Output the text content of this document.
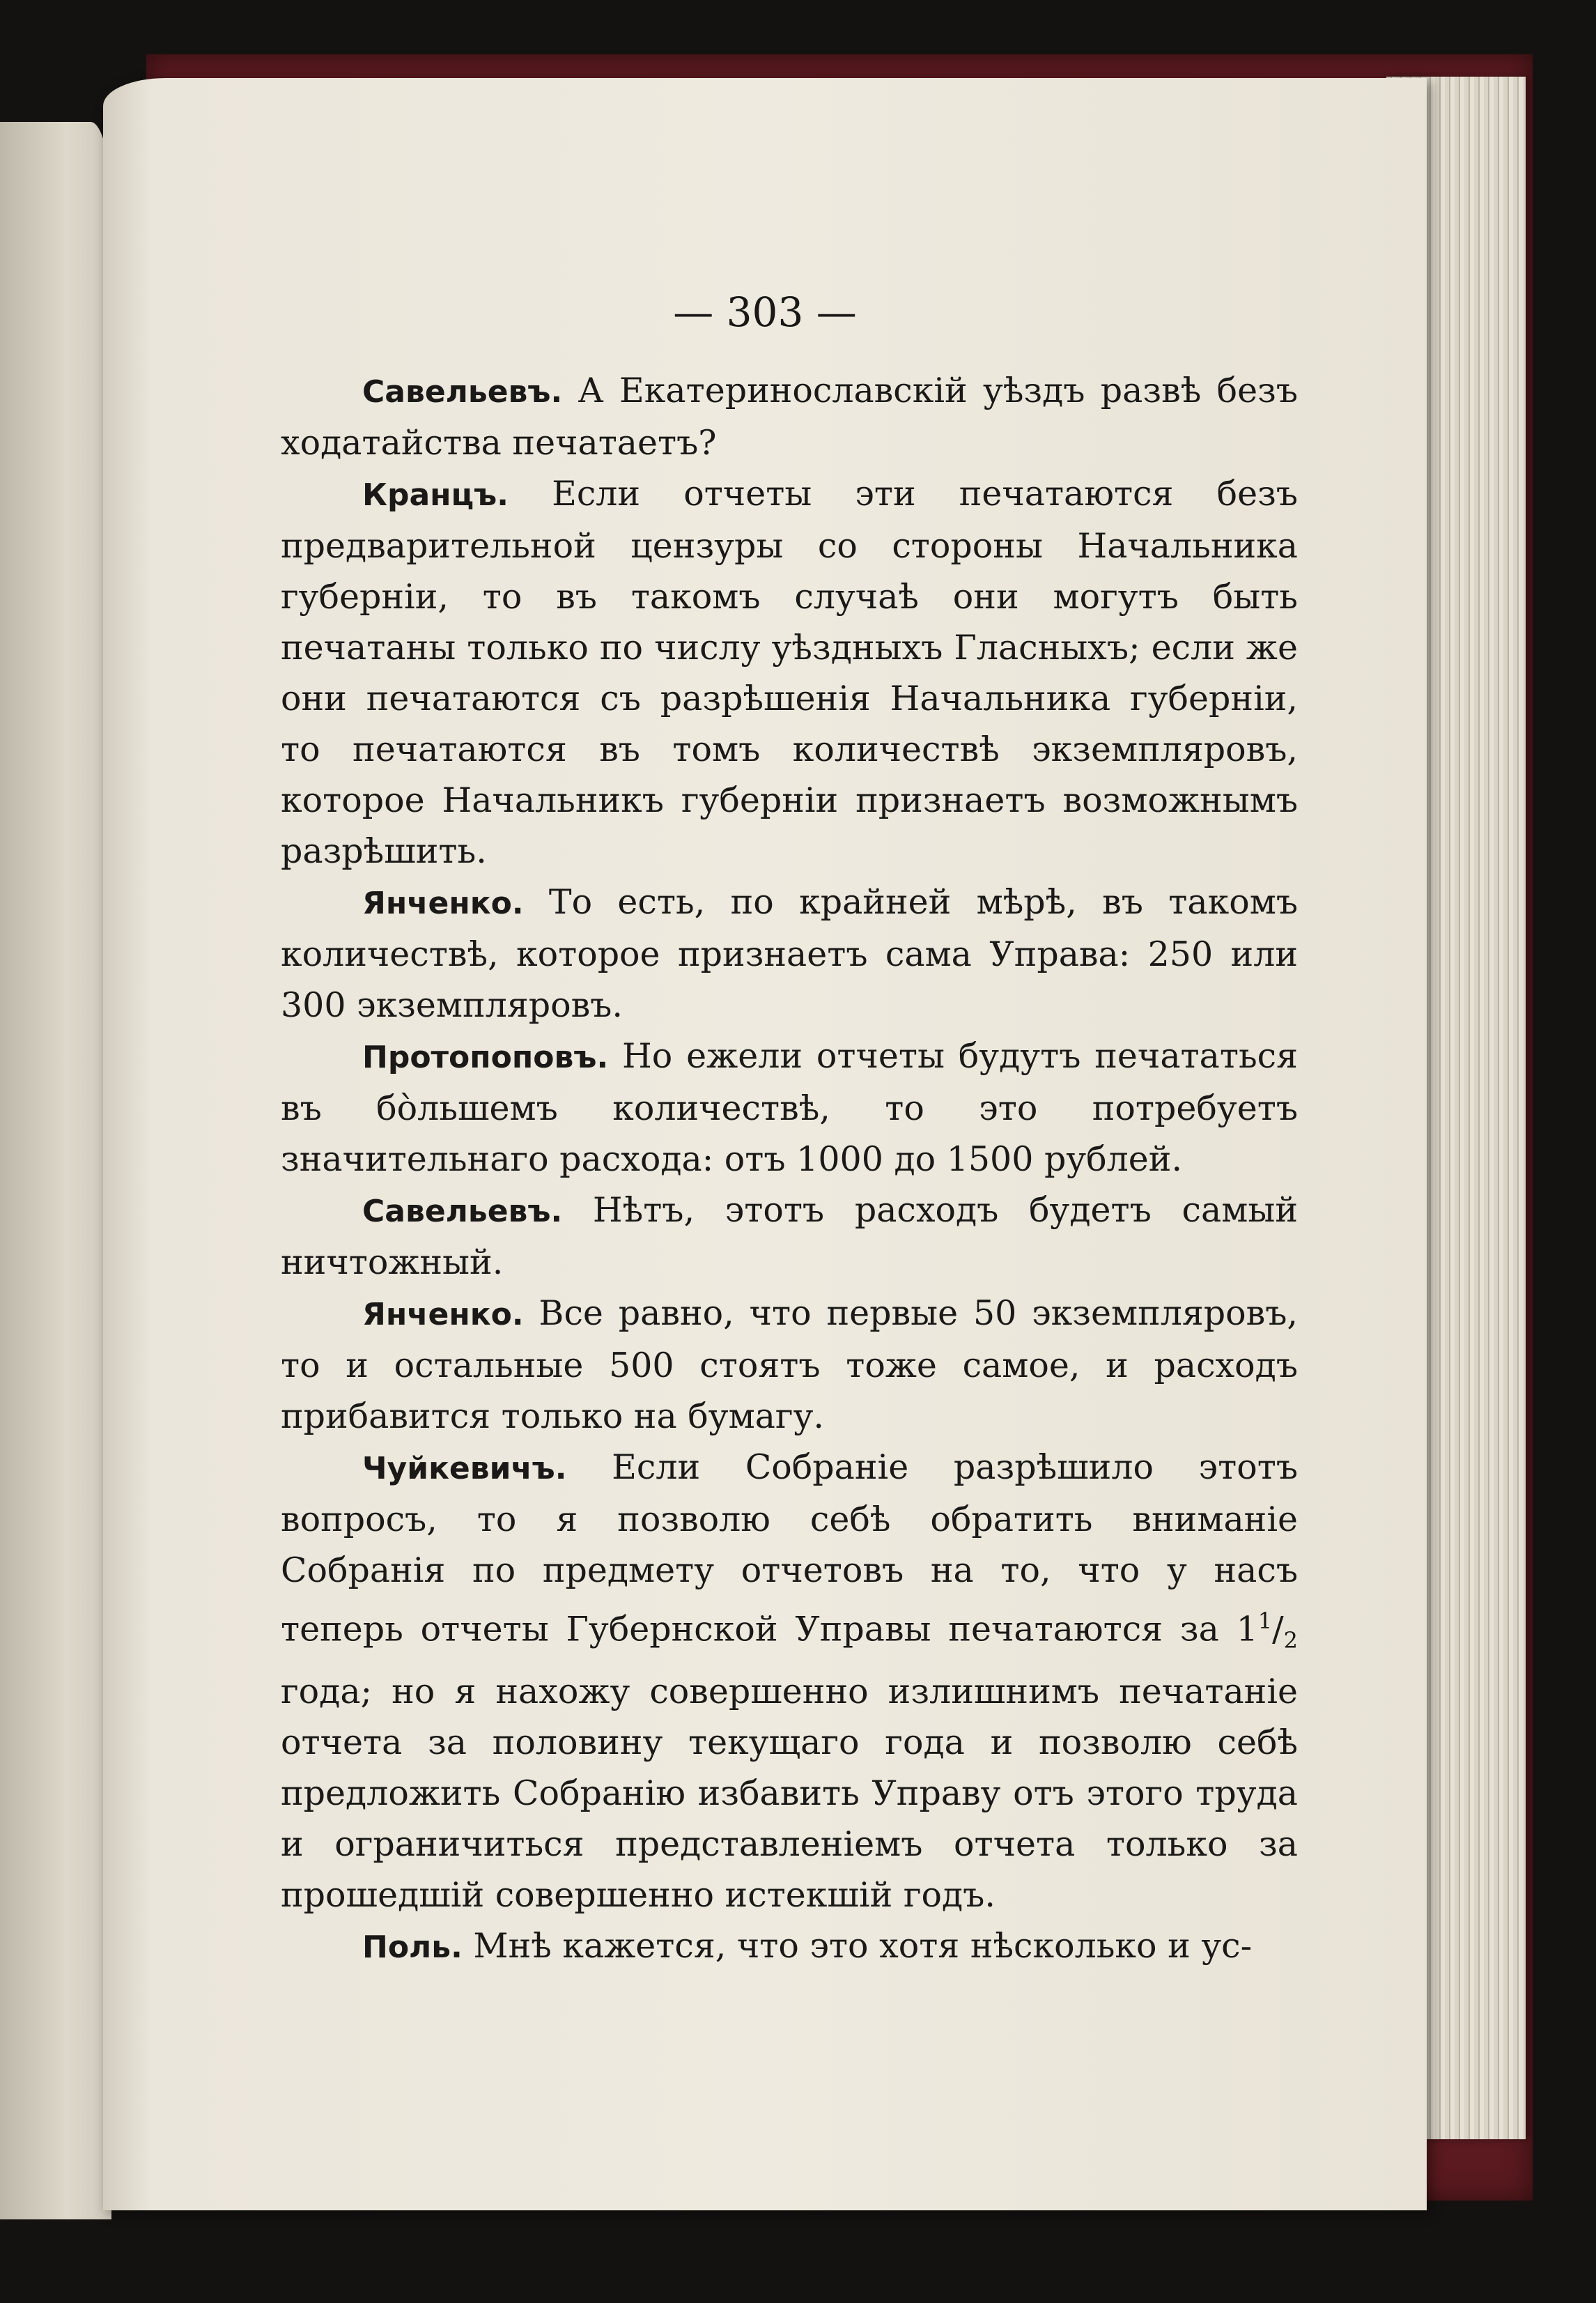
— 303 —

Савельевъ. А Екатеринославскій уѣздъ развѣ безъ ходатайства печатаетъ?

Кранцъ. Если отчеты эти печатаются безъ предварительной цензуры со стороны Начальника губерніи, то въ такомъ случаѣ они могутъ быть печатаны только по числу уѣздныхъ Гласныхъ; если же они печатаются съ разрѣшенія Начальника губерніи, то печатаются въ томъ количествѣ экземпляровъ, которое Начальникъ губерніи признаетъ возможнымъ разрѣшить.

Янченко. То есть, по крайней мѣрѣ, въ такомъ количествѣ, которое признаетъ сама Управа: 250 или 300 экземпляровъ.

Протопоповъ. Но ежели отчеты будутъ печататься въ бо̀льшемъ количествѣ, то это потребуетъ значительнаго расхода: отъ 1000 до 1500 рублей.

Савельевъ. Нѣтъ, этотъ расходъ будетъ самый ничтожный.

Янченко. Все равно, что первые 50 экземпляровъ, то и остальные 500 стоятъ тоже самое, и расходъ прибавится только на бумагу.

Чуйкевичъ. Если Собраніе разрѣшило этотъ вопросъ, то я позволю себѣ обратить вниманіе Собранія по предмету отчетовъ на то, что у насъ теперь отчеты Губернской Управы печатаются за $1^1/_2$ года; но я нахожу совершенно излишнимъ печатаніе отчета за половину текущаго года и позволю себѣ предложить Собранію избавить Управу отъ этого труда и ограничиться представленіемъ отчета только за прошедшій совершенно истекшій годъ.

Поль. Мнѣ кажется, что это хотя нѣсколько и ус-
